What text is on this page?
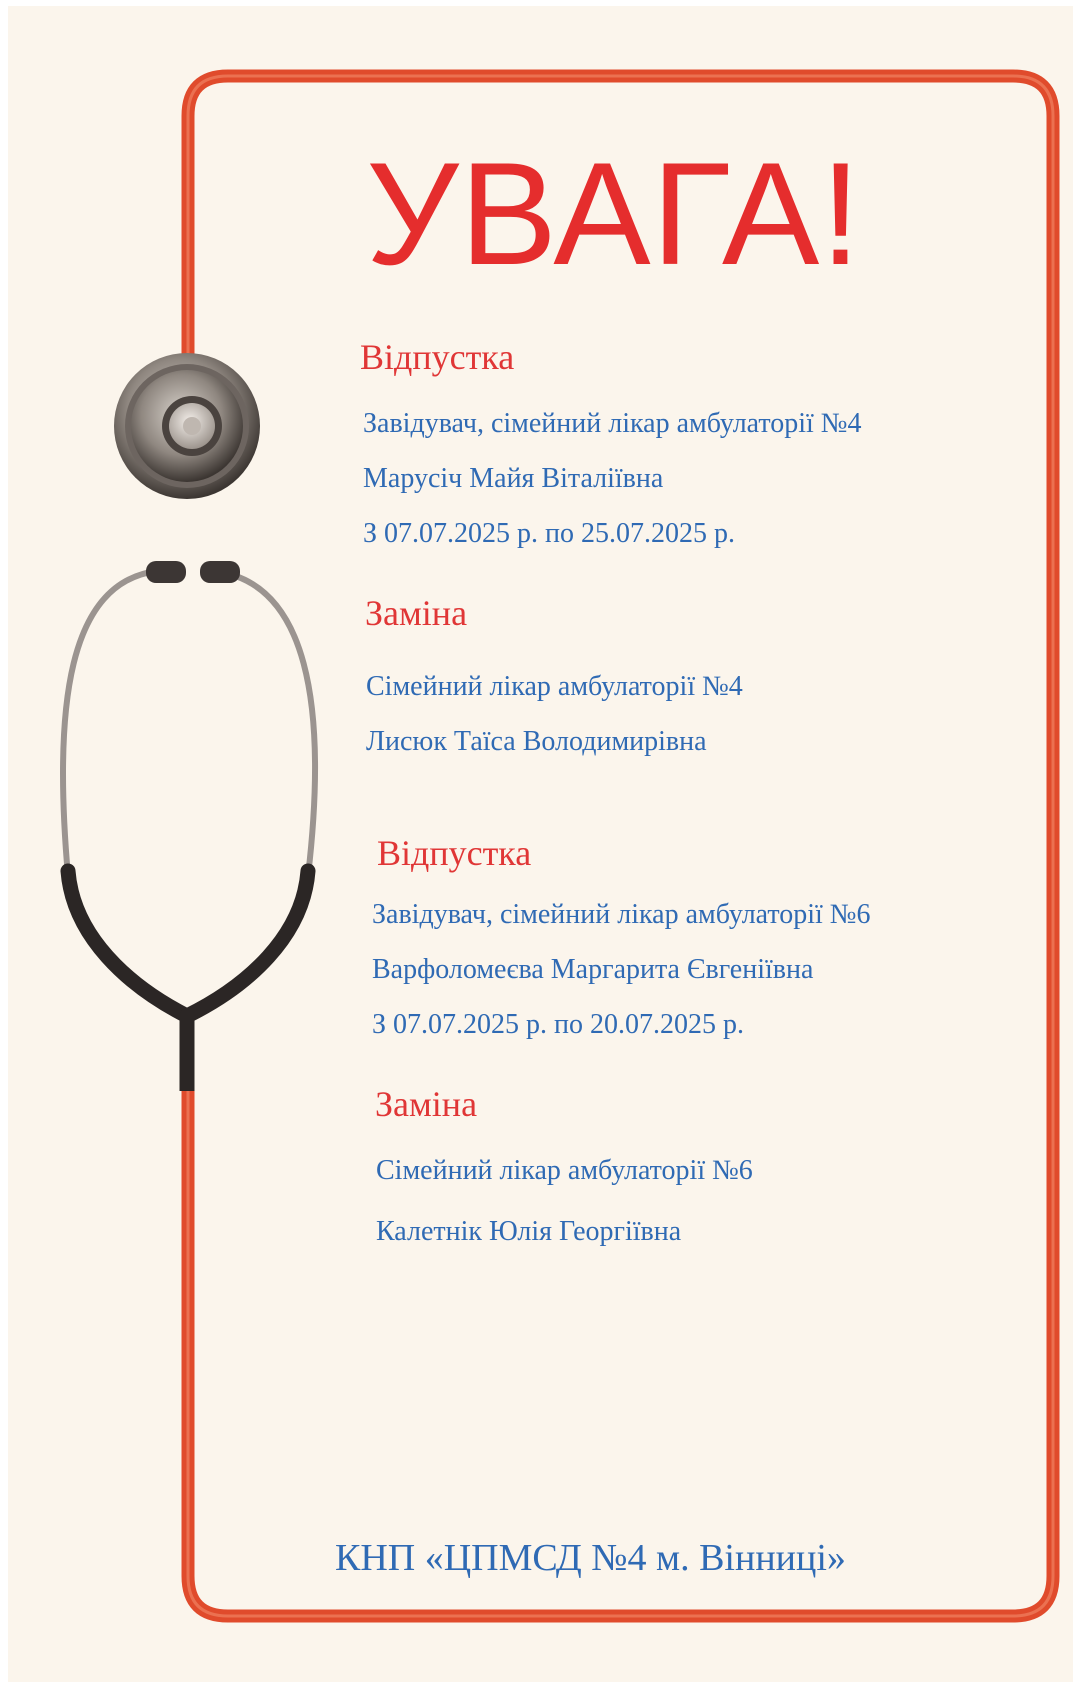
УВАГА!
Відпустка

Завідувач, сімейний лікар амбулаторії №4

Марусіч Майя Віталіївна

З 07.07.2025 р. по 25.07.2025 р.

Заміна

Сімейний лікар амбулаторії №4

Лисюк Таїса Володимирівна

Відпустка

Завідувач, сімейний лікар амбулаторії №6

Варфоломеєва Маргарита Євгеніївна

З 07.07.2025 р. по 20.07.2025 р.

Заміна

Сімейний лікар амбулаторії №6

Калетнік Юлія Георгіївна

КНП «ЦПМСД №4 м. Вінниці»
